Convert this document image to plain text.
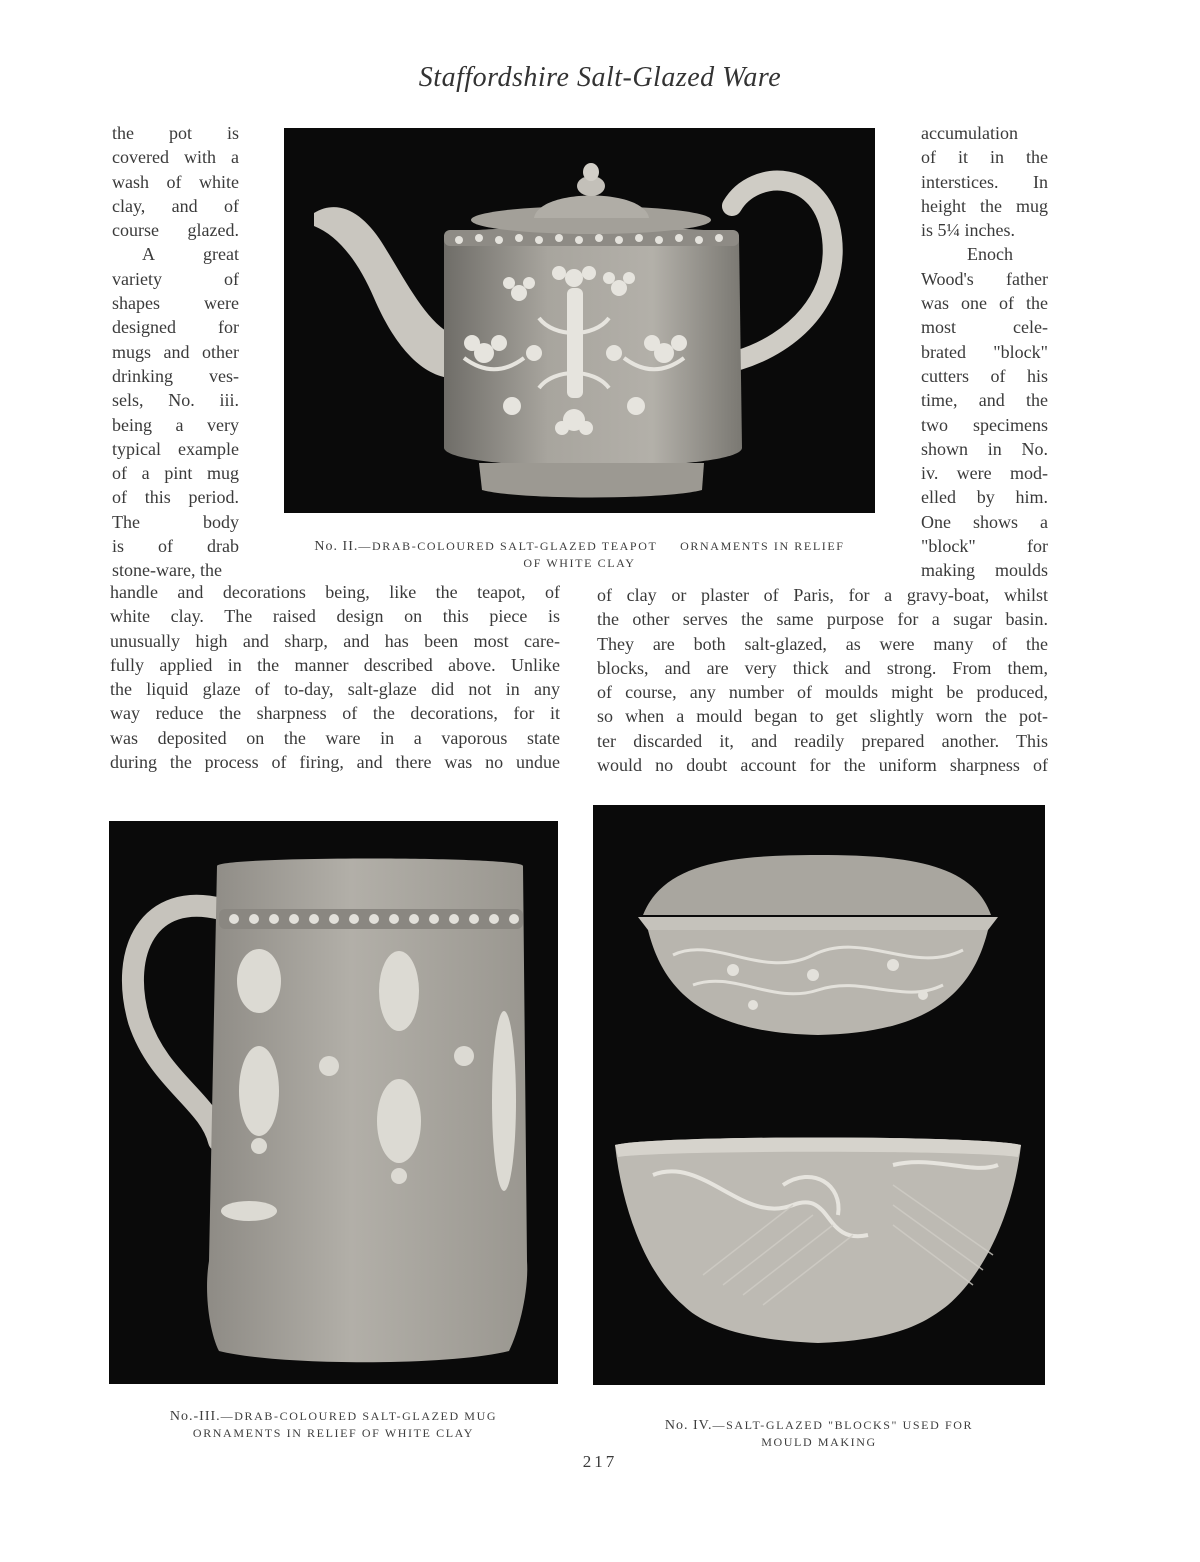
Staffordshire Salt-Glazed Ware

the pot is

covered with a

wash of white

clay, and of

course glazed.

A great

variety of

shapes were

designed for

mugs and other

drinking ves-

sels, No. iii.

being a very

typical example

of a pint mug

of this period.

The body

is of drab

stone-ware, the

accumulation

of it in the

interstices. In

height the mug

is 5¼ inches.

Enoch

Wood's father

was one of the

most cele-

brated "block"

cutters of his

time, and the

two specimens

shown in No.

iv. were mod-

elled by him.

One shows a

"block" for

making moulds

No. II.—DRAB-COLOURED SALT-GLAZED TEAPOT     ORNAMENTS IN RELIEF
OF WHITE CLAY

handle and decorations being, like the teapot, of

white clay. The raised design on this piece is

unusually high and sharp, and has been most care-

fully applied in the manner described above. Unlike

the liquid glaze of to-day, salt-glaze did not in any

way reduce the sharpness of the decorations, for it

was deposited on the ware in a vaporous state

during the process of firing, and there was no undue

of clay or plaster of Paris, for a gravy-boat, whilst

the other serves the same purpose for a sugar basin.

They are both salt-glazed, as were many of the

blocks, and are very thick and strong. From them,

of course, any number of moulds might be produced,

so when a mould began to get slightly worn the pot-

ter discarded it, and readily prepared another. This

would no doubt account for the uniform sharpness of

No.-III.—DRAB-COLOURED SALT-GLAZED MUG
ORNAMENTS IN RELIEF OF WHITE CLAY	No. IV.—SALT-GLAZED "BLOCKS" USED FOR
MOULD MAKING
217
